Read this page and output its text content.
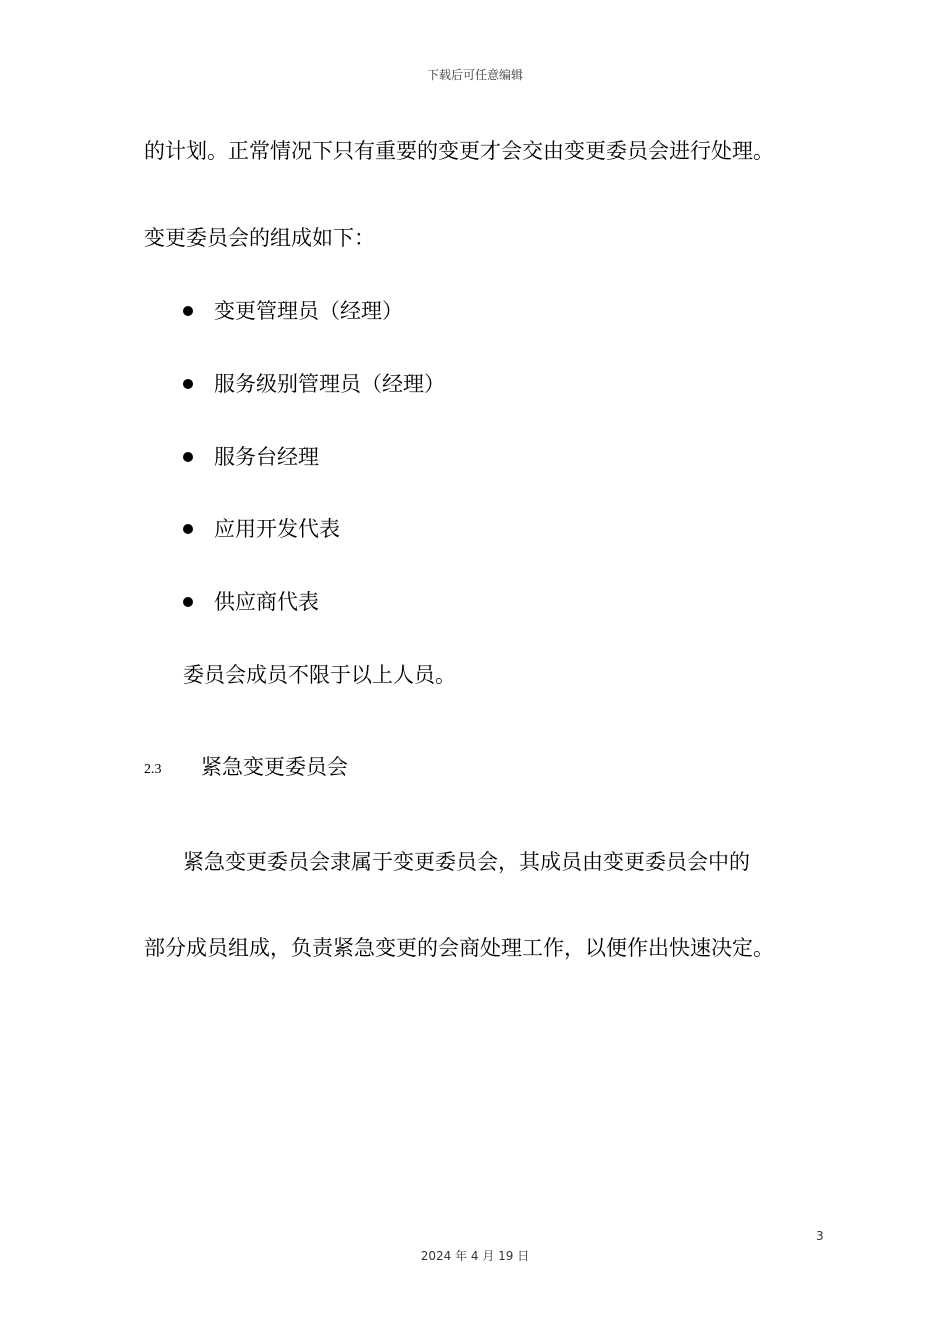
下载后可任意编辑
的计划。正常情况下只有重要的变更才会交由变更委员会进行处理。
变更委员会的组成如下：
变更管理员（经理）
服务级别管理员（经理）
服务台经理
应用开发代表
供应商代表
委员会成员不限于以上人员。
2.3 紧急变更委员会
紧急变更委员会隶属于变更委员会，其成员由变更委员会中的
部分成员组成，负责紧急变更的会商处理工作，以便作出快速决定。
3
2024 年 4 月 19 日
